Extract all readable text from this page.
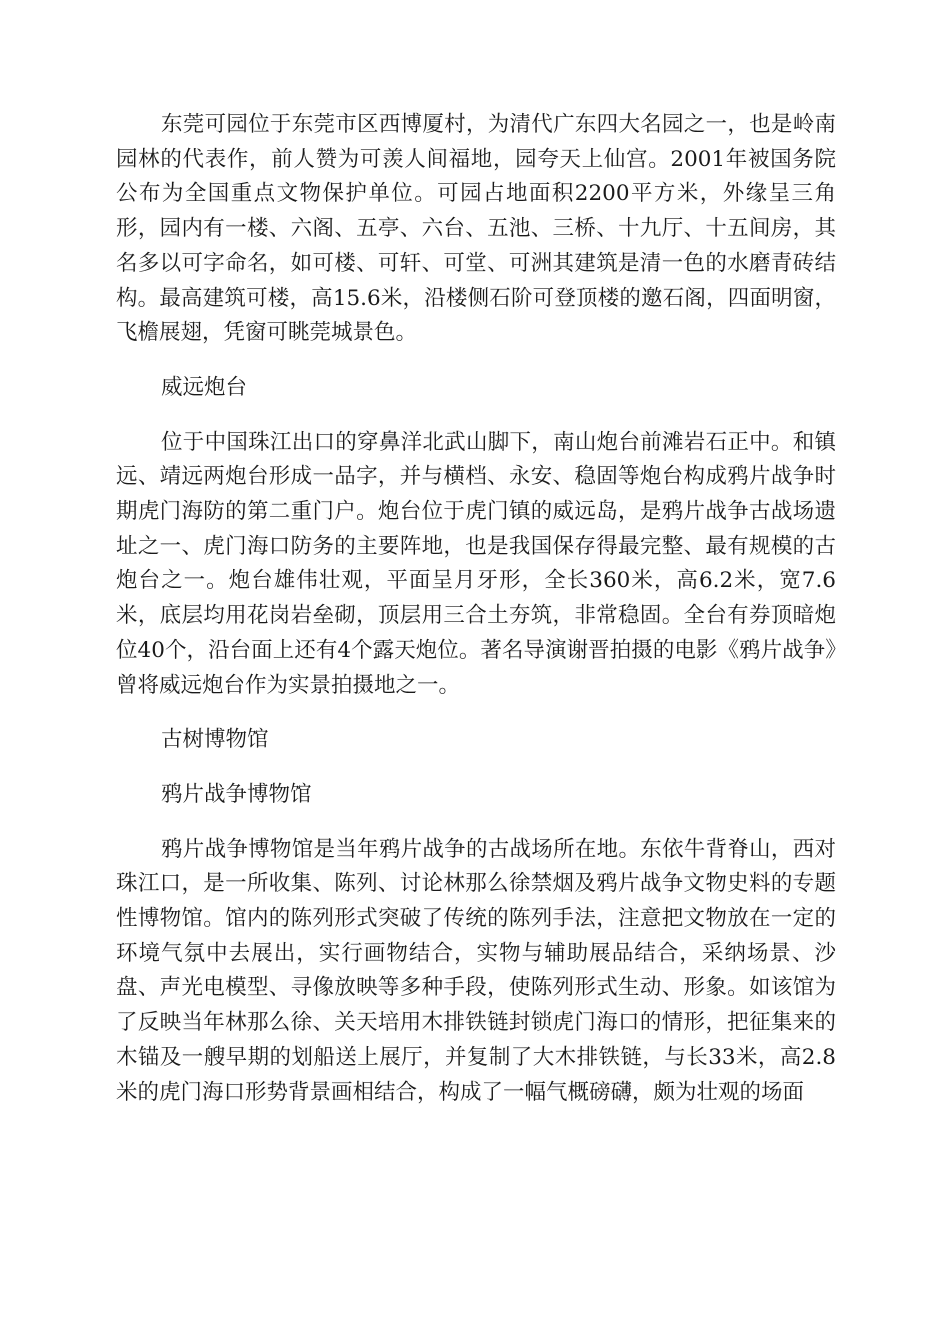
东莞可园位于东莞市区西博厦村，为清代广东四大名园之一，也是岭南园林的代表作，前人赞为可羡人间福地，园夸天上仙宫。2001年被国务院公布为全国重点文物保护单位。可园占地面积2200平方米，外缘呈三角形，园内有一楼、六阁、五亭、六台、五池、三桥、十九厅、十五间房，其名多以可字命名，如可楼、可轩、可堂、可洲其建筑是清一色的水磨青砖结构。最高建筑可楼，高15.6米，沿楼侧石阶可登顶楼的邀石阁，四面明窗，飞檐展翅，凭窗可眺莞城景色。

威远炮台

位于中国珠江出口的穿鼻洋北武山脚下，南山炮台前滩岩石正中。和镇远、靖远两炮台形成一品字，并与横档、永安、稳固等炮台构成鸦片战争时期虎门海防的第二重门户。炮台位于虎门镇的威远岛，是鸦片战争古战场遗址之一、虎门海口防务的主要阵地，也是我国保存得最完整、最有规模的古炮台之一。炮台雄伟壮观，平面呈月牙形，全长360米，高6.2米，宽7.6米，底层均用花岗岩垒砌，顶层用三合土夯筑，非常稳固。全台有券顶暗炮位40个，沿台面上还有4个露天炮位。著名导演谢晋拍摄的电影《鸦片战争》曾将威远炮台作为实景拍摄地之一。

古树博物馆

鸦片战争博物馆

鸦片战争博物馆是当年鸦片战争的古战场所在地。东依牛背脊山，西对珠江口，是一所收集、陈列、讨论林那么徐禁烟及鸦片战争文物史料的专题性博物馆。馆内的陈列形式突破了传统的陈列手法，注意把文物放在一定的环境气氛中去展出，实行画物结合，实物与辅助展品结合，采纳场景、沙盘、声光电模型、寻像放映等多种手段，使陈列形式生动、形象。如该馆为了反映当年林那么徐、关天培用木排铁链封锁虎门海口的情形，把征集来的木锚及一艘早期的划船送上展厅，并复制了大木排铁链，与长33米，高2.8米的虎门海口形势背景画相结合，构成了一幅气概磅礴，颇为壮观的场面
